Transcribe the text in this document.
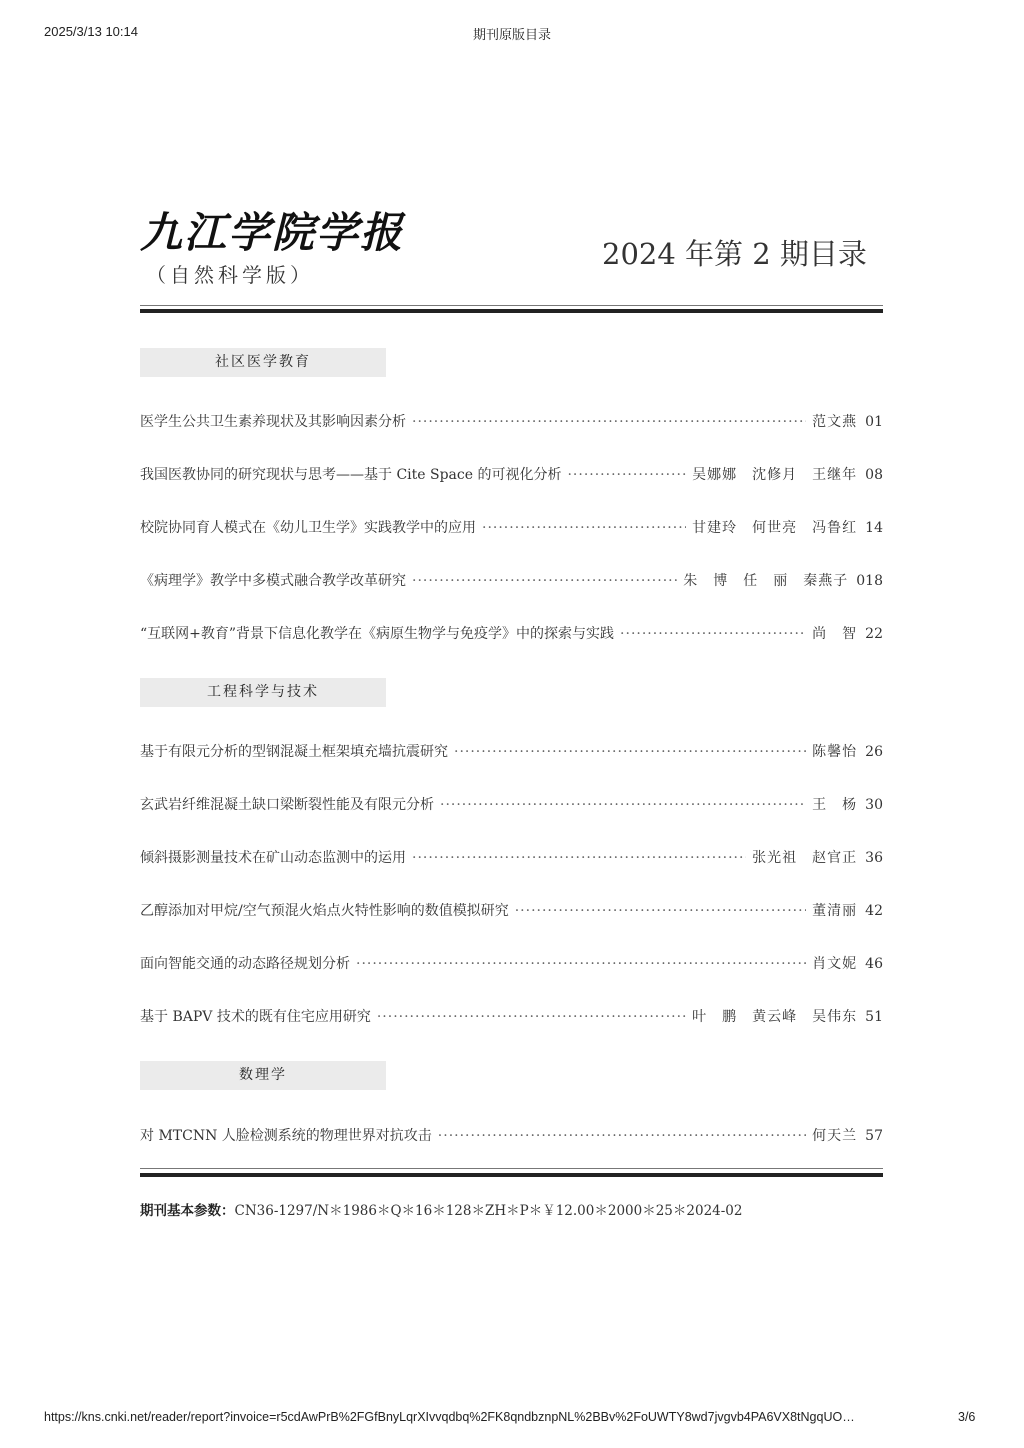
2025/3/13 10:14	期刊原版目录
九江学院学报
（自然科学版）
2024 年第 2 期目录
社区医学教育
医学生公共卫生素养现状及其影响因素分析 ·····	范文燕 01
我国医教协同的研究现状与思考——基于 Cite Space 的可视化分析 ·····	吴娜娜　沈修月　王继年 08
校院协同育人模式在《幼儿卫生学》实践教学中的应用 ·····	甘建玲　何世亮　冯鲁红 14
《病理学》教学中多模式融合教学改革研究 ·····	朱　博　任　丽　秦燕子 018
“互联网+教育”背景下信息化教学在《病原生物学与免疫学》中的探索与实践 ·····	尚　智 22
工程科学与技术
基于有限元分析的型钢混凝土框架填充墙抗震研究 ·····	陈馨怡 26
玄武岩纤维混凝土缺口梁断裂性能及有限元分析 ·····	王　杨 30
倾斜摄影测量技术在矿山动态监测中的运用 ·····	张光祖　赵官正 36
乙醇添加对甲烷/空气预混火焰点火特性影响的数值模拟研究 ·····	董清丽 42
面向智能交通的动态路径规划分析 ·····	肖文妮 46
基于 BAPV 技术的既有住宅应用研究 ·····	叶　鹏　黄云峰　吴伟东 51
数理学
对 MTCNN 人脸检测系统的物理世界对抗攻击 ·····	何天兰 57
期刊基本参数：CN36-1297/N＊1986＊Q＊16＊128＊ZH＊P＊￥12.00＊2000＊25＊2024-02
https://kns.cnki.net/reader/report?invoice=r5cdAwPrB%2FGfBnyLqrXIvvqdbq%2FK8qndbznpNL%2BBv%2FoUWTY8wd7jvgvb4PA6VX8tNgqUO…	3/6
